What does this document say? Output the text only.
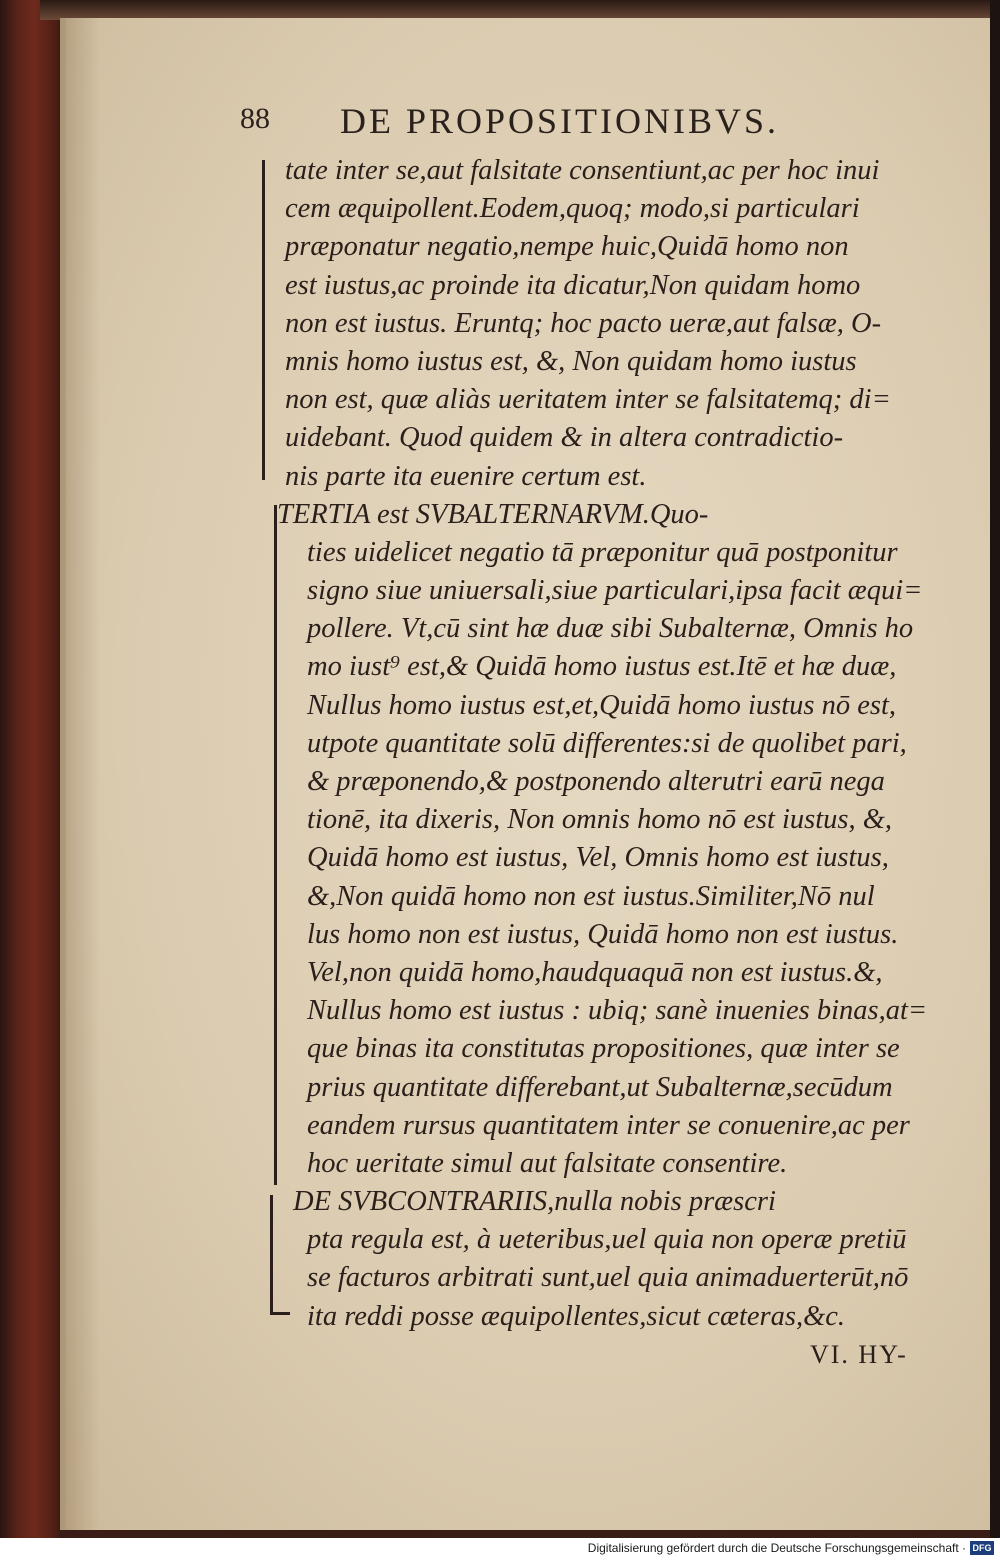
88 DE PROPOSITIONIBVS.
tate inter se,aut falsitate consentiunt,ac per hoc inui
cem æquipollent.Eodem,quoq; modo,si particulari
præponatur negatio,nempe huic,Quidā homo non
est iustus,ac proinde ita dicatur,Non quidam homo
non est iustus. Eruntq; hoc pacto ueræ,aut falsæ, O-
mnis homo iustus est, &, Non quidam homo iustus
non est, quæ aliàs ueritatem inter se falsitatemq; di=
uidebant. Quod quidem & in altera contradictio-
nis parte ita euenire certum est.
TERTIA est SVBALTERNARVM.Quo-
ties uidelicet negatio tā præponitur quā postponitur
signo siue uniuersali,siue particulari,ipsa facit æqui=
pollere. Vt,cū sint hæ duæ sibi Subalternæ, Omnis ho
mo iust⁹ est,& Quidā homo iustus est.Itē et hæ duæ,
Nullus homo iustus est,et,Quidā homo iustus nō est,
utpote quantitate solū differentes:si de quolibet pari,
& præponendo,& postponendo alterutri earū nega
tionē, ita dixeris, Non omnis homo nō est iustus, &,
Quidā homo est iustus, Vel, Omnis homo est iustus,
&,Non quidā homo non est iustus.Similiter,Nō nul
lus homo non est iustus, Quidā homo non est iustus.
Vel,non quidā homo,haudquaquā non est iustus.&,
Nullus homo est iustus : ubiq; sanè inuenies binas,at=
que binas ita constitutas propositiones, quæ inter se
prius quantitate differebant,ut Subalternæ,secūdum
eandem rursus quantitatem inter se conuenire,ac per
hoc ueritate simul aut falsitate consentire.
DE SVBCONTRARIIS,nulla nobis præscri
pta regula est, à ueteribus,uel quia non operæ pretiū
se facturos arbitrati sunt,uel quia animaduerterūt,nō
ita reddi posse æquipollentes,sicut cæteras,&c.
VI. HY-
Digitalisierung gefördert durch die Deutsche Forschungsgemeinschaft · DFG
